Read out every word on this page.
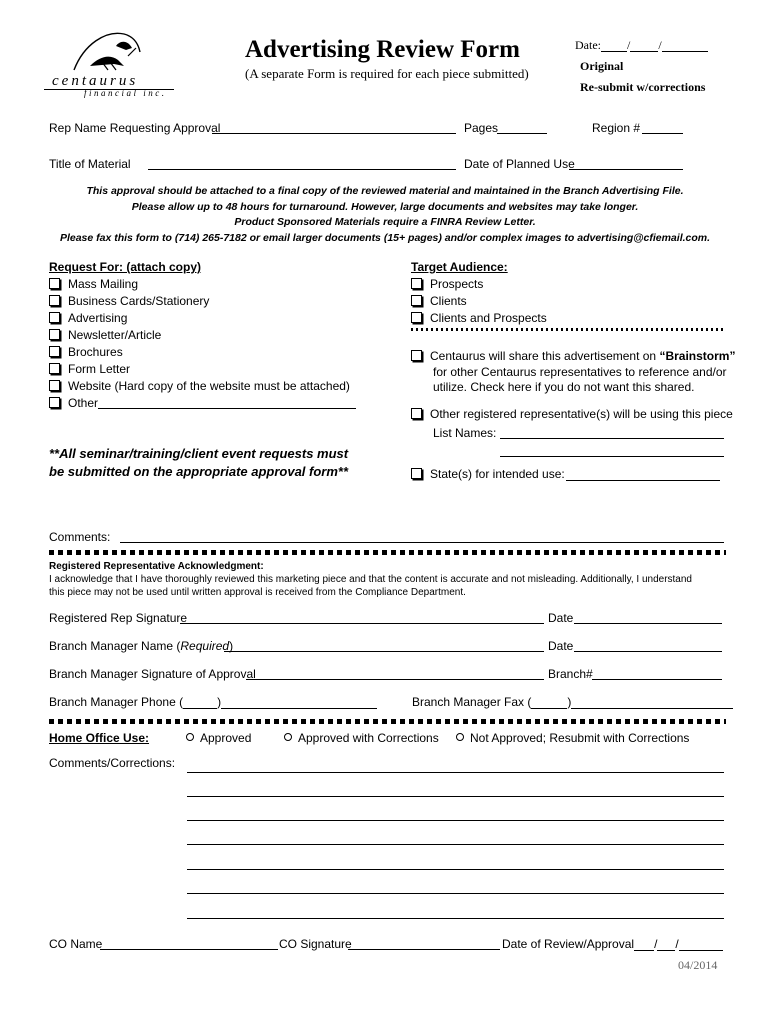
centaurus
financial inc.
Advertising Review Form
(A separate Form is required for each piece submitted)
Date: / /
Original
Re-submit w/corrections
Rep Name Requesting Approval	Pages	Region #
Title of Material	Date of Planned Use
This approval should be attached to a final copy of the reviewed material and maintained in the Branch Advertising File.
Please allow up to 48 hours for turnaround. However, large documents and websites may take longer.
Product Sponsored Materials require a FINRA Review Letter.
Please fax this form to (714) 265-7182 or email larger documents (15+ pages) and/or complex images to advertising@cfiemail.com.
Request For: (attach copy)
Mass Mailing
Business Cards/Stationery
Advertising
Newsletter/Article
Brochures
Form Letter
Website (Hard copy of the website must be attached)
Other
**All seminar/training/client event requests must
be submitted on the appropriate approval form**
Target Audience:
Prospects
Clients
Clients and Prospects
Centaurus will share this advertisement on “Brainstorm”
for other Centaurus representatives to reference and/or
utilize. Check here if you do not want this shared.
Other registered representative(s) will be using this piece
List Names:
State(s) for intended use:
Comments:
Registered Representative Acknowledgment:
I acknowledge that I have thoroughly reviewed this marketing piece and that the content is accurate and not misleading. Additionally, I understand
this piece may not be used until written approval is received from the Compliance Department.
Registered Rep Signature	Date
Branch Manager Name (Required)	Date
Branch Manager Signature of Approval	Branch#
Branch Manager Phone (	)	Branch Manager Fax (	)
Home Office Use:	Approved	Approved with Corrections	Not Approved; Resubmit with Corrections
Comments/Corrections:
CO Name	CO Signature	Date of Review/Approval / /
04/2014
